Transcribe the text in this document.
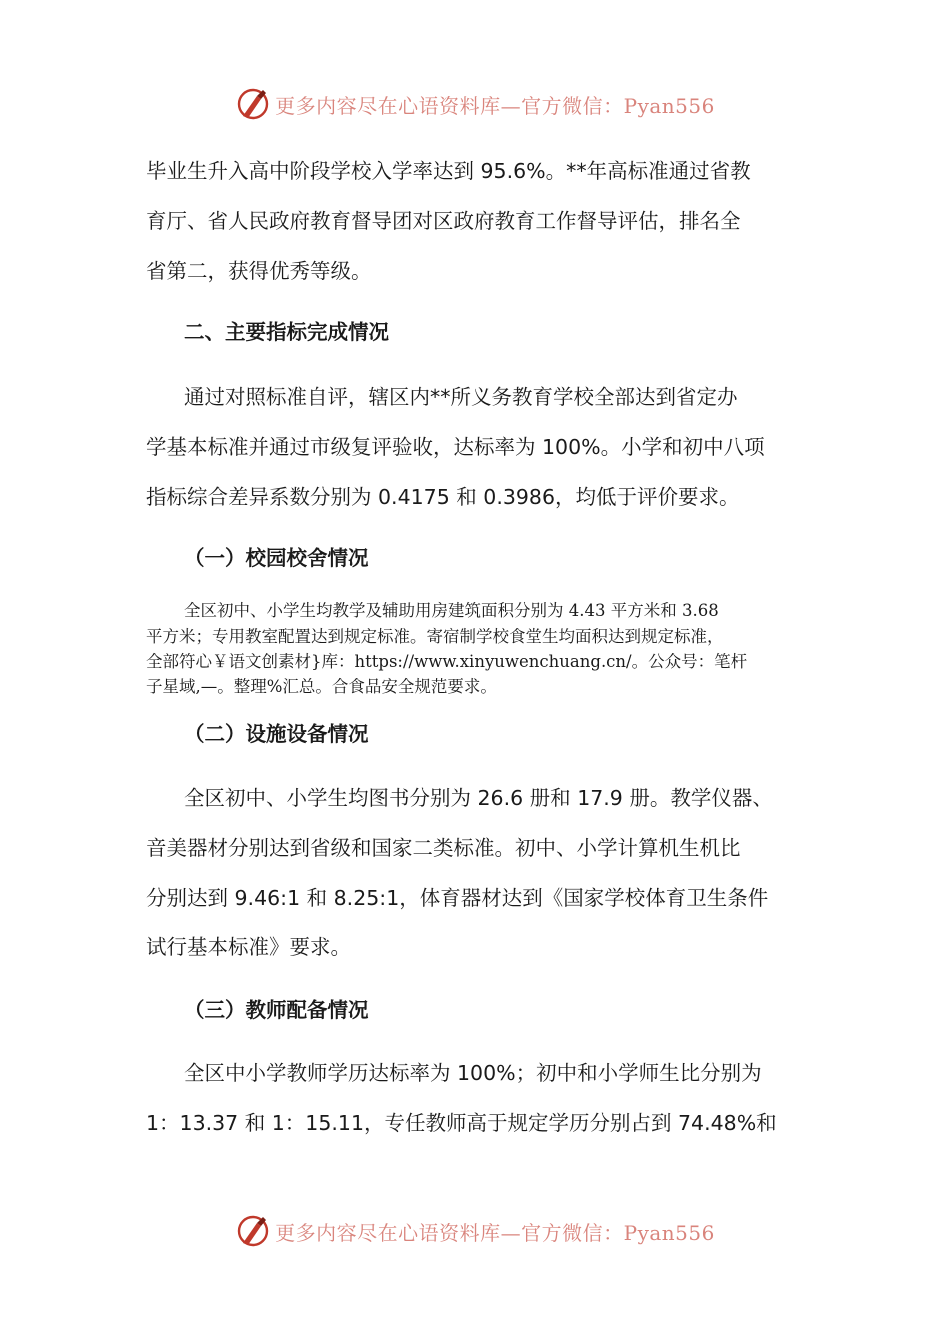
更多内容尽在心语资料库—官方微信：Pyan556
毕业生升入高中阶段学校入学率达到 95.6%。**年高标准通过省教
育厅、省人民政府教育督导团对区政府教育工作督导评估，排名全
省第二，获得优秀等级。
二、主要指标完成情况
通过对照标准自评，辖区内**所义务教育学校全部达到省定办
学基本标准并通过市级复评验收，达标率为 100%。小学和初中八项
指标综合差异系数分别为 0.4175 和 0.3986，均低于评价要求。
（一）校园校舍情况
全区初中、小学生均教学及辅助用房建筑面积分别为 4.43 平方米和 3.68
平方米；专用教室配置达到规定标准。寄宿制学校食堂生均面积达到规定标准，
全部符心￥语文创素材}库：https://www.xinyuwenchuang.cn/。公众号：笔杆
子星域,—。整理%汇总。合食品安全规范要求。
（二）设施设备情况
全区初中、小学生均图书分别为 26.6 册和 17.9 册。教学仪器、
音美器材分别达到省级和国家二类标准。初中、小学计算机生机比
分别达到 9.46:1 和 8.25:1，体育器材达到《国家学校体育卫生条件
试行基本标准》要求。
（三）教师配备情况
全区中小学教师学历达标率为 100%；初中和小学师生比分别为
1：13.37 和 1：15.11，专任教师高于规定学历分别占到 74.48%和
更多内容尽在心语资料库—官方微信：Pyan556
